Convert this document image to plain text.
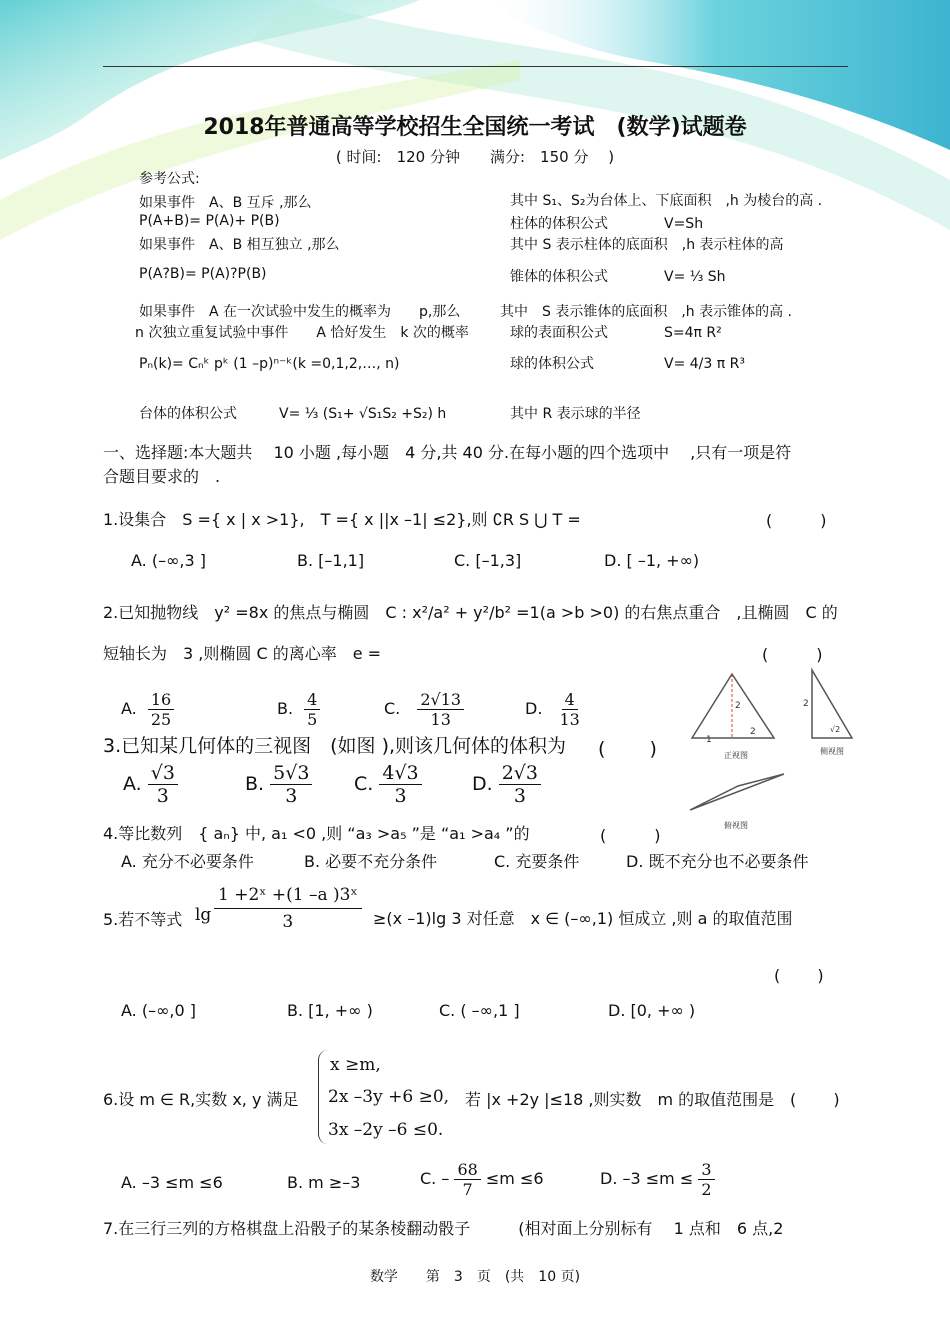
2018年普通高等学校招生全国统一考试　(数学)试题卷
( 时间:　120 分钟　　满分:　150 分　 )
参考公式:
如果事件　A、B 互斥 ,那么
P(A+B)= P(A)+ P(B)
如果事件　A、B 相互独立 ,那么
P(A?B)= P(A)?P(B)
如果事件　A 在一次试验中发生的概率为　　p,那么
n 次独立重复试验中事件　　A 恰好发生　k 次的概率
Pₙ(k)= Cₙᵏ pᵏ (1 –p)ⁿ⁻ᵏ(k =0,1,2,…, n)
台体的体积公式　　　V= ⅓ (S₁+ √S₁S₂ +S₂) h
其中 S₁、S₂为台体上、下底面积　,h 为棱台的高 .
柱体的体积公式　　　　V=Sh
其中 S 表示柱体的底面积　,h 表示柱体的高
锥体的体积公式　　　　V= ⅓ Sh
其中　S 表示锥体的底面积　,h 表示锥体的高 .
球的表面积公式　　　　S=4π R²
球的体积公式　　　　　V= 4/3 π R³
其中 R 表示球的半径
一、选择题:本大题共　 10 小题 ,每小题　4 分,共 40 分.在每小题的四个选项中　 ,只有一项是符
合题目要求的　.
1.设集合　S ={ x | x >1},　T ={ x ||x –1| ≤2},则 ∁R S ⋃ T =	(　　　)
A. (–∞,3 ]	B. [–1,1]	C. [–1,3]	D. [ –1, +∞)
2.已知抛物线　y² =8x 的焦点与椭圆　C : x²/a² + y²/b² =1(a >b >0) 的右焦点重合　,且椭圆　C 的
短轴长为　3 ,则椭圆 C 的离心率　e =	(　　　)
A. $\frac{16}{25}$	B. $\frac{4}{5}$	C. $\frac{2√13}{13}$	D. $\frac{4}{13}$
3.已知某几何体的三视图　(如图 ),则该几何体的体积为 (　　 )
A. $\frac{√3}{3}$	B. $\frac{5√3}{3} C$. $\frac{4√3}{3}$	D. $\frac{2√3}{3}$
2
1
2
正视图
2
√2
侧视图
俯视图
4.等比数列　{ aₙ} 中, a₁ <0 ,则 “a₃ >a₅ ”是 “a₁ >a₄ ”的	(　　　)
A. 充分不必要条件	B. 必要不充分条件	C. 充要条件	D. 既不充分也不必要条件
5.若不等式 $\lg \frac{\text{1 +2ˣ +(1 –a )3ˣ}}{3} \ge(x$ –1)lg 3 对任意　x ∈ (–∞,1) 恒成立 ,则 a 的取值范围
(　　 )
A. (–∞,0 ]	B. [1, +∞ )	C. ( –∞,1 ]	D. [0, +∞ )
6.设 m ∈ R,实数 x, y 满足
x ≥m,
2x –3y +6 ≥0,
3x –2y –6 ≤0.
若 |x +2y |≤18 ,则实数　m 的取值范围是 (　　 )
A. –3 ≤m ≤6	B. m ≥–3	C. – $\frac{68}{7} \le m \le 6$	D. $-3 \le m \le \frac{3}{2}$
7.在三行三列的方格棋盘上沿骰子的某条棱翻动骰子　　　(相对面上分别标有　 1 点和　6 点,2
数学　　第　3　页　(共　10 页)
